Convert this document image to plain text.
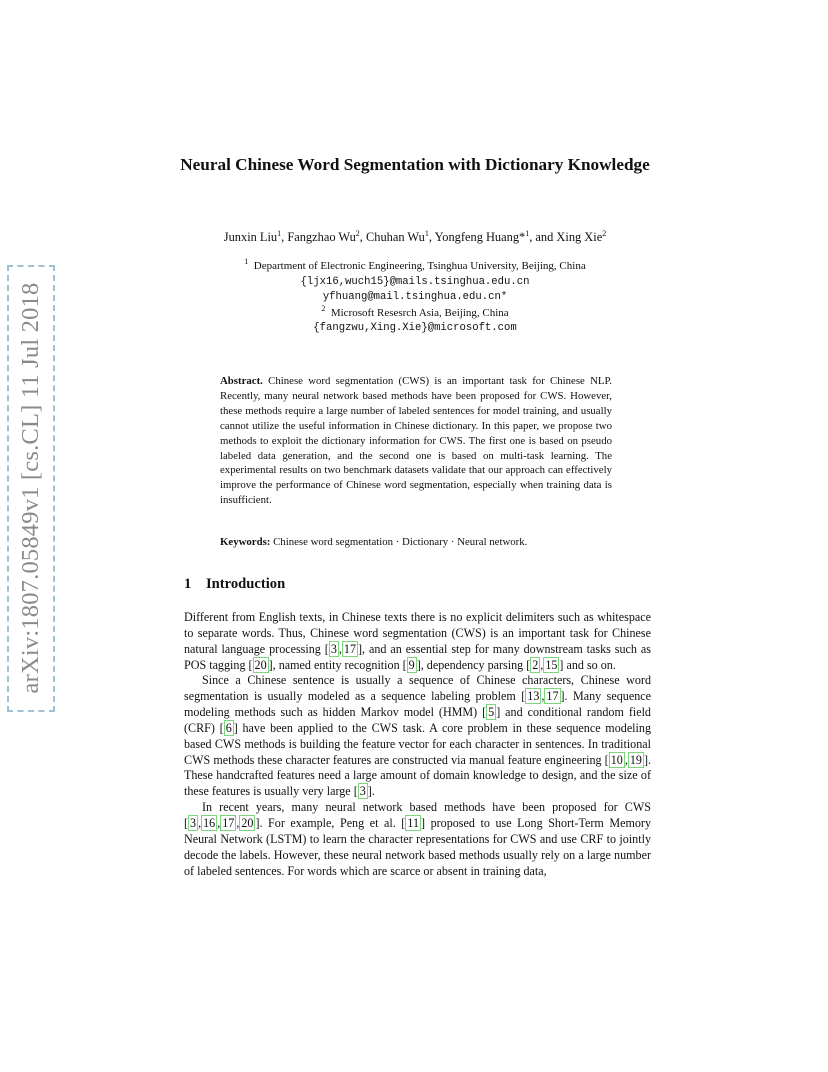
arXiv:1807.05849v1 [cs.CL] 11 Jul 2018
Neural Chinese Word Segmentation with Dictionary Knowledge
Junxin Liu$^1$, Fangzhao Wu$^2$, Chuhan Wu$^1$, Yongfeng Huang*$^1$, and Xing Xie$^2$
$^1$ Department of Electronic Engineering, Tsinghua University, Beijing, China
{ljx16,wuch15}@mails.tsinghua.edu.cn
yfhuang@mail.tsinghua.edu.cn*
$^2$ Microsoft Resesrch Asia, Beijing, China
{fangzwu,Xing.Xie}@microsoft.com
Abstract. Chinese word segmentation (CWS) is an important task for Chinese NLP. Recently, many neural network based methods have been proposed for CWS. However, these methods require a large number of labeled sentences for model training, and usually cannot utilize the useful information in Chinese dictionary. In this paper, we propose two methods to exploit the dictionary information for CWS. The first one is based on pseudo labeled data generation, and the second one is based on multi-task learning. The experimental results on two benchmark datasets validate that our approach can effectively improve the performance of Chinese word segmentation, especially when training data is insufficient.
Keywords: Chinese word segmentation · Dictionary · Neural network.
1 Introduction

Different from English texts, in Chinese texts there is no explicit delimiters such as whitespace to separate words. Thus, Chinese word segmentation (CWS) is an important task for Chinese natural language processing [ 3 , 17 ], and an essential step for many downstream tasks such as POS tagging [ 20 ], named entity recognition [ 9 ], dependency parsing [ 2 , 15 ] and so on.

Since a Chinese sentence is usually a sequence of Chinese characters, Chinese word segmentation is usually modeled as a sequence labeling problem [ 13 , 17 ]. Many sequence modeling methods such as hidden Markov model (HMM) [ 5 ] and conditional random field (CRF) [ 6 ] have been applied to the CWS task. A core problem in these sequence modeling based CWS methods is building the feature vector for each character in sentences. In traditional CWS methods these character features are constructed via manual feature engineering [ 10 , 19 ]. These handcrafted features need a large amount of domain knowledge to design, and the size of these features is usually very large [ 3 ].

In recent years, many neural network based methods have been proposed for CWS [ 3 , 16 , 17 , 20 ]. For example, Peng et al. [ 11 ] proposed to use Long Short-Term Memory Neural Network (LSTM) to learn the character representations for CWS and use CRF to jointly decode the labels. However, these neural network based methods usually rely on a large number of labeled sentences. For words which are scarce or absent in training data,
